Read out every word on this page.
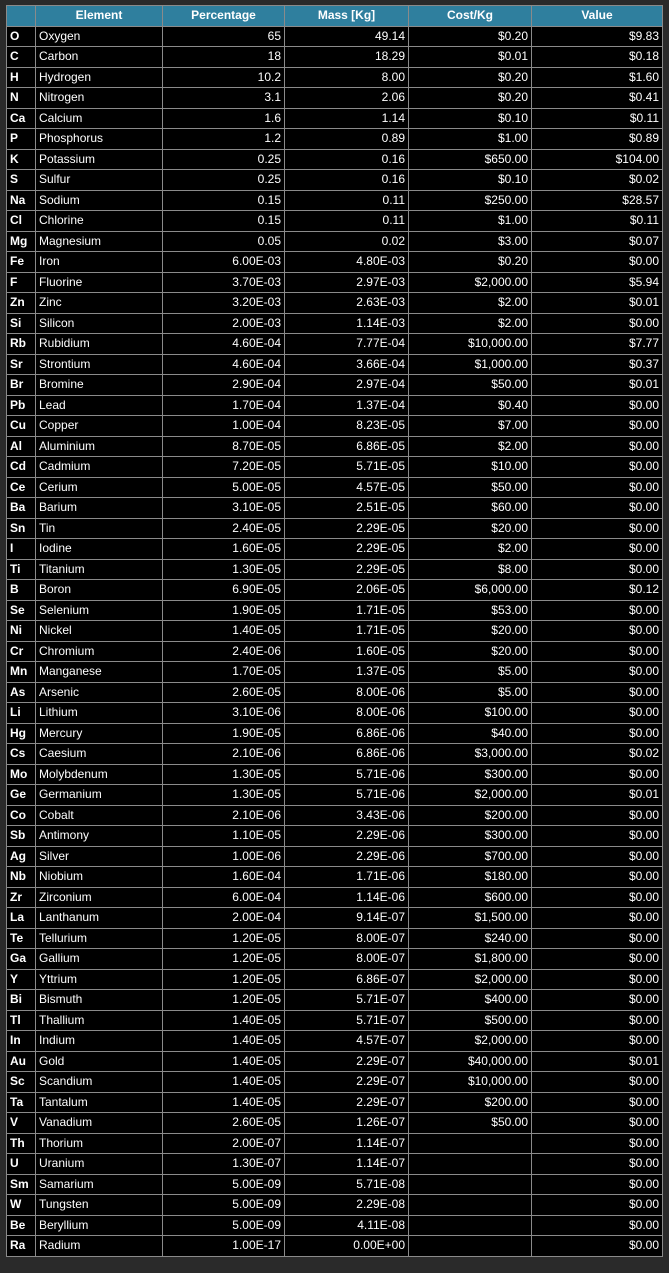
	Element	Percentage	Mass [Kg]	Cost/Kg	Value
O	Oxygen	65	49.14	$0.20	$9.83
C	Carbon	18	18.29	$0.01	$0.18
H	Hydrogen	10.2	8.00	$0.20	$1.60
N	Nitrogen	3.1	2.06	$0.20	$0.41
Ca	Calcium	1.6	1.14	$0.10	$0.11
P	Phosphorus	1.2	0.89	$1.00	$0.89
K	Potassium	0.25	0.16	$650.00	$104.00
S	Sulfur	0.25	0.16	$0.10	$0.02
Na	Sodium	0.15	0.11	$250.00	$28.57
Cl	Chlorine	0.15	0.11	$1.00	$0.11
Mg	Magnesium	0.05	0.02	$3.00	$0.07
Fe	Iron	6.00E-03	4.80E-03	$0.20	$0.00
F	Fluorine	3.70E-03	2.97E-03	$2,000.00	$5.94
Zn	Zinc	3.20E-03	2.63E-03	$2.00	$0.01
Si	Silicon	2.00E-03	1.14E-03	$2.00	$0.00
Rb	Rubidium	4.60E-04	7.77E-04	$10,000.00	$7.77
Sr	Strontium	4.60E-04	3.66E-04	$1,000.00	$0.37
Br	Bromine	2.90E-04	2.97E-04	$50.00	$0.01
Pb	Lead	1.70E-04	1.37E-04	$0.40	$0.00
Cu	Copper	1.00E-04	8.23E-05	$7.00	$0.00
Al	Aluminium	8.70E-05	6.86E-05	$2.00	$0.00
Cd	Cadmium	7.20E-05	5.71E-05	$10.00	$0.00
Ce	Cerium	5.00E-05	4.57E-05	$50.00	$0.00
Ba	Barium	3.10E-05	2.51E-05	$60.00	$0.00
Sn	Tin	2.40E-05	2.29E-05	$20.00	$0.00
I	Iodine	1.60E-05	2.29E-05	$2.00	$0.00
Ti	Titanium	1.30E-05	2.29E-05	$8.00	$0.00
B	Boron	6.90E-05	2.06E-05	$6,000.00	$0.12
Se	Selenium	1.90E-05	1.71E-05	$53.00	$0.00
Ni	Nickel	1.40E-05	1.71E-05	$20.00	$0.00
Cr	Chromium	2.40E-06	1.60E-05	$20.00	$0.00
Mn	Manganese	1.70E-05	1.37E-05	$5.00	$0.00
As	Arsenic	2.60E-05	8.00E-06	$5.00	$0.00
Li	Lithium	3.10E-06	8.00E-06	$100.00	$0.00
Hg	Mercury	1.90E-05	6.86E-06	$40.00	$0.00
Cs	Caesium	2.10E-06	6.86E-06	$3,000.00	$0.02
Mo	Molybdenum	1.30E-05	5.71E-06	$300.00	$0.00
Ge	Germanium	1.30E-05	5.71E-06	$2,000.00	$0.01
Co	Cobalt	2.10E-06	3.43E-06	$200.00	$0.00
Sb	Antimony	1.10E-05	2.29E-06	$300.00	$0.00
Ag	Silver	1.00E-06	2.29E-06	$700.00	$0.00
Nb	Niobium	1.60E-04	1.71E-06	$180.00	$0.00
Zr	Zirconium	6.00E-04	1.14E-06	$600.00	$0.00
La	Lanthanum	2.00E-04	9.14E-07	$1,500.00	$0.00
Te	Tellurium	1.20E-05	8.00E-07	$240.00	$0.00
Ga	Gallium	1.20E-05	8.00E-07	$1,800.00	$0.00
Y	Yttrium	1.20E-05	6.86E-07	$2,000.00	$0.00
Bi	Bismuth	1.20E-05	5.71E-07	$400.00	$0.00
Tl	Thallium	1.40E-05	5.71E-07	$500.00	$0.00
In	Indium	1.40E-05	4.57E-07	$2,000.00	$0.00
Au	Gold	1.40E-05	2.29E-07	$40,000.00	$0.01
Sc	Scandium	1.40E-05	2.29E-07	$10,000.00	$0.00
Ta	Tantalum	1.40E-05	2.29E-07	$200.00	$0.00
V	Vanadium	2.60E-05	1.26E-07	$50.00	$0.00
Th	Thorium	2.00E-07	1.14E-07		$0.00
U	Uranium	1.30E-07	1.14E-07		$0.00
Sm	Samarium	5.00E-09	5.71E-08		$0.00
W	Tungsten	5.00E-09	2.29E-08		$0.00
Be	Beryllium	5.00E-09	4.11E-08		$0.00
Ra	Radium	1.00E-17	0.00E+00		$0.00
